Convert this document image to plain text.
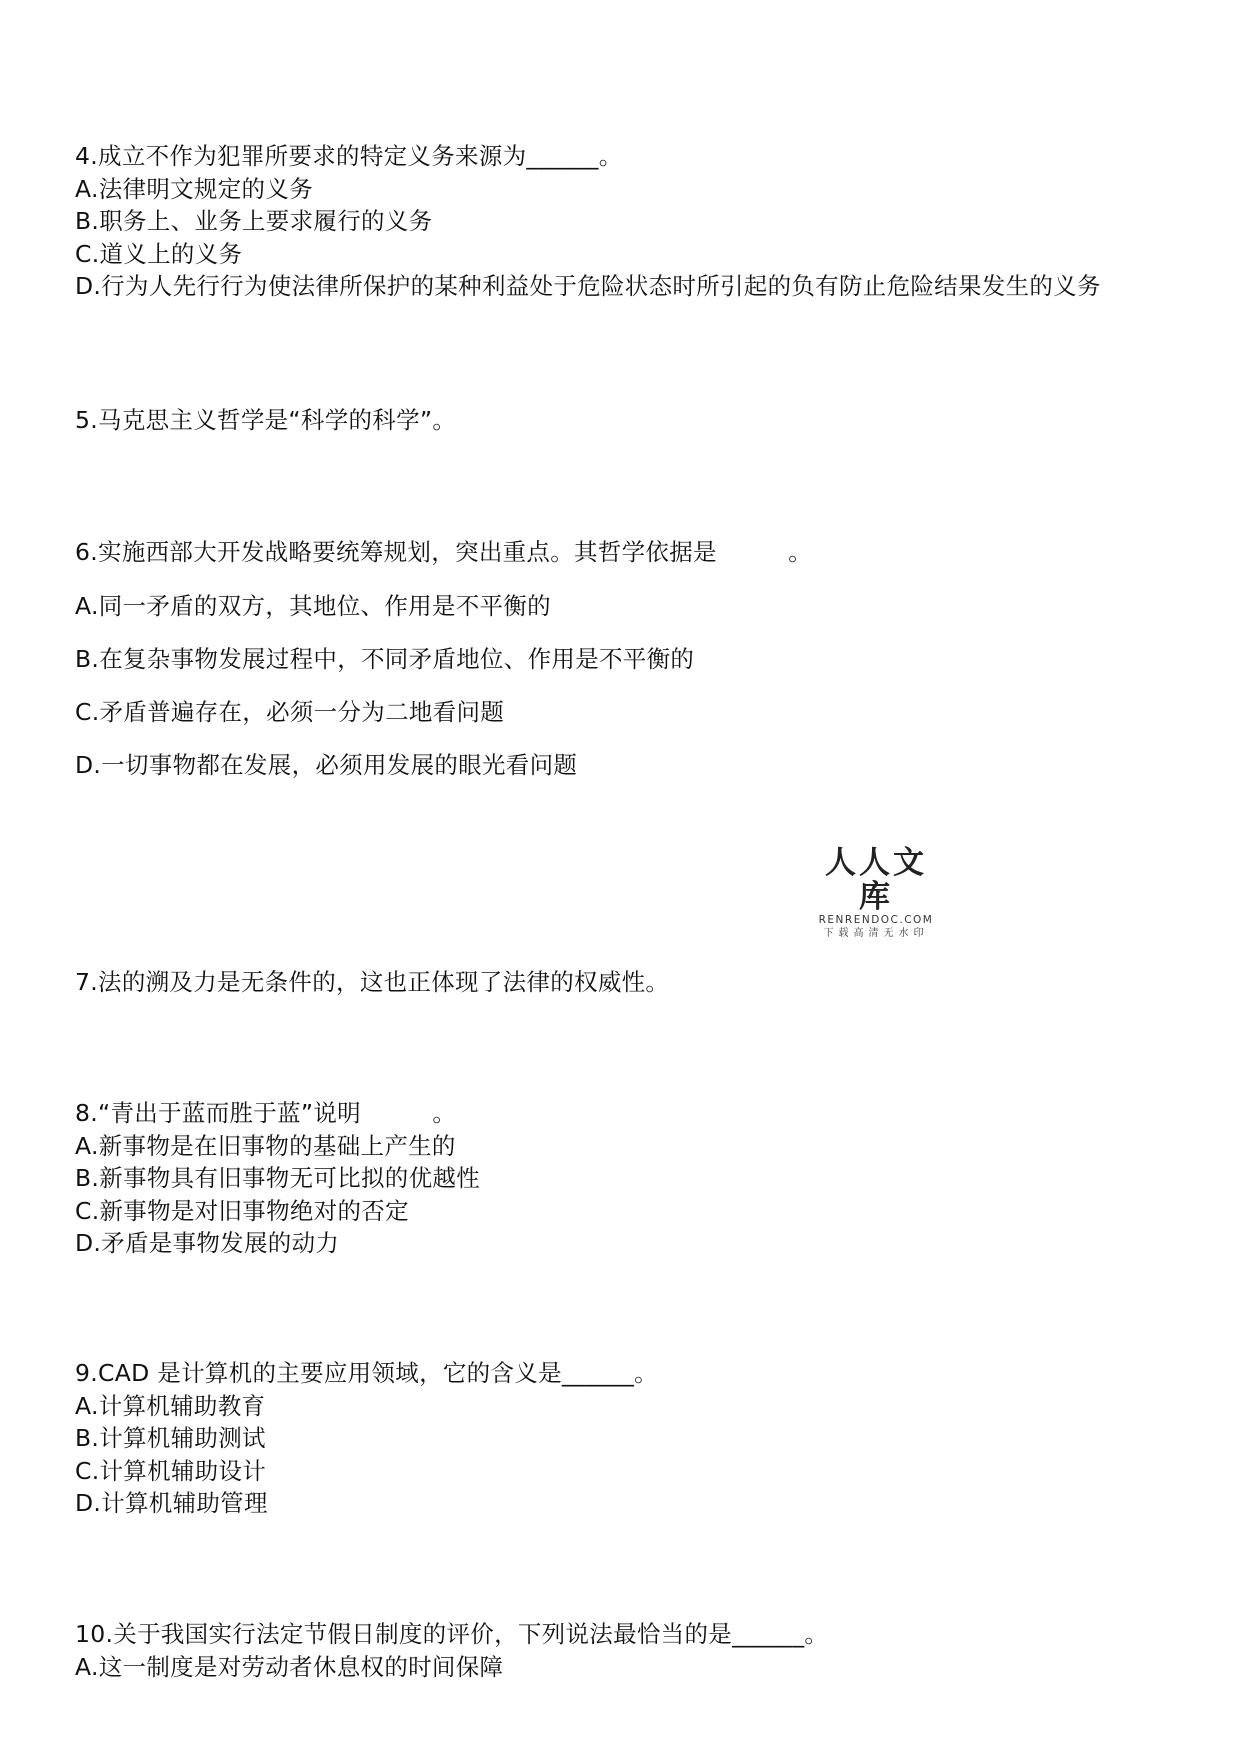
4.成立不作为犯罪所要求的特定义务来源为______。
A.法律明文规定的义务
B.职务上、业务上要求履行的义务
C.道义上的义务
D.行为人先行行为使法律所保护的某种利益处于危险状态时所引起的负有防止危险结果发生的义务
5.马克思主义哲学是“科学的科学”。
6.实施西部大开发战略要统筹规划，突出重点。其哲学依据是　　　。
A.同一矛盾的双方，其地位、作用是不平衡的
B.在复杂事物发展过程中，不同矛盾地位、作用是不平衡的
C.矛盾普遍存在，必须一分为二地看问题
D.一切事物都在发展，必须用发展的眼光看问题
人人文库
RENRENDOC.COM
下载高清无水印
7.法的溯及力是无条件的，这也正体现了法律的权威性。
8.“青出于蓝而胜于蓝”说明　　　。
A.新事物是在旧事物的基础上产生的
B.新事物具有旧事物无可比拟的优越性
C.新事物是对旧事物绝对的否定
D.矛盾是事物发展的动力
9.CAD 是计算机的主要应用领域，它的含义是______。
A.计算机辅助教育
B.计算机辅助测试
C.计算机辅助设计
D.计算机辅助管理
10.关于我国实行法定节假日制度的评价，下列说法最恰当的是______。
A.这一制度是对劳动者休息权的时间保障
